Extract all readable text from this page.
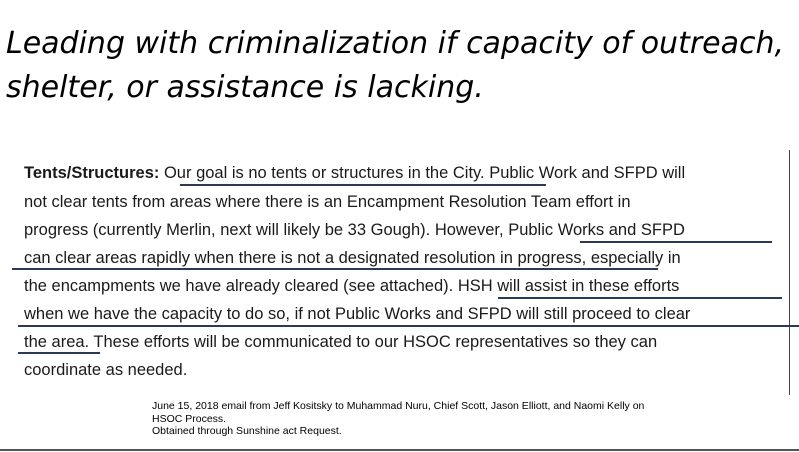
Leading with criminalization if capacity of outreach,
shelter, or assistance is lacking.
Tents/Structures: Our goal is no tents or structures in the City. Public Work and SFPD will
not clear tents from areas where there is an Encampment Resolution Team effort in
progress (currently Merlin, next will likely be 33 Gough). However, Public Works and SFPD
can clear areas rapidly when there is not a designated resolution in progress, especially in
the encampments we have already cleared (see attached). HSH will assist in these efforts
when we have the capacity to do so, if not Public Works and SFPD will still proceed to clear
the area. These efforts will be communicated to our HSOC representatives so they can
coordinate as needed.
June 15, 2018 email from Jeff Kositsky to Muhammad Nuru, Chief Scott, Jason Elliott, and Naomi Kelly on
HSOC Process.
Obtained through Sunshine act Request.
